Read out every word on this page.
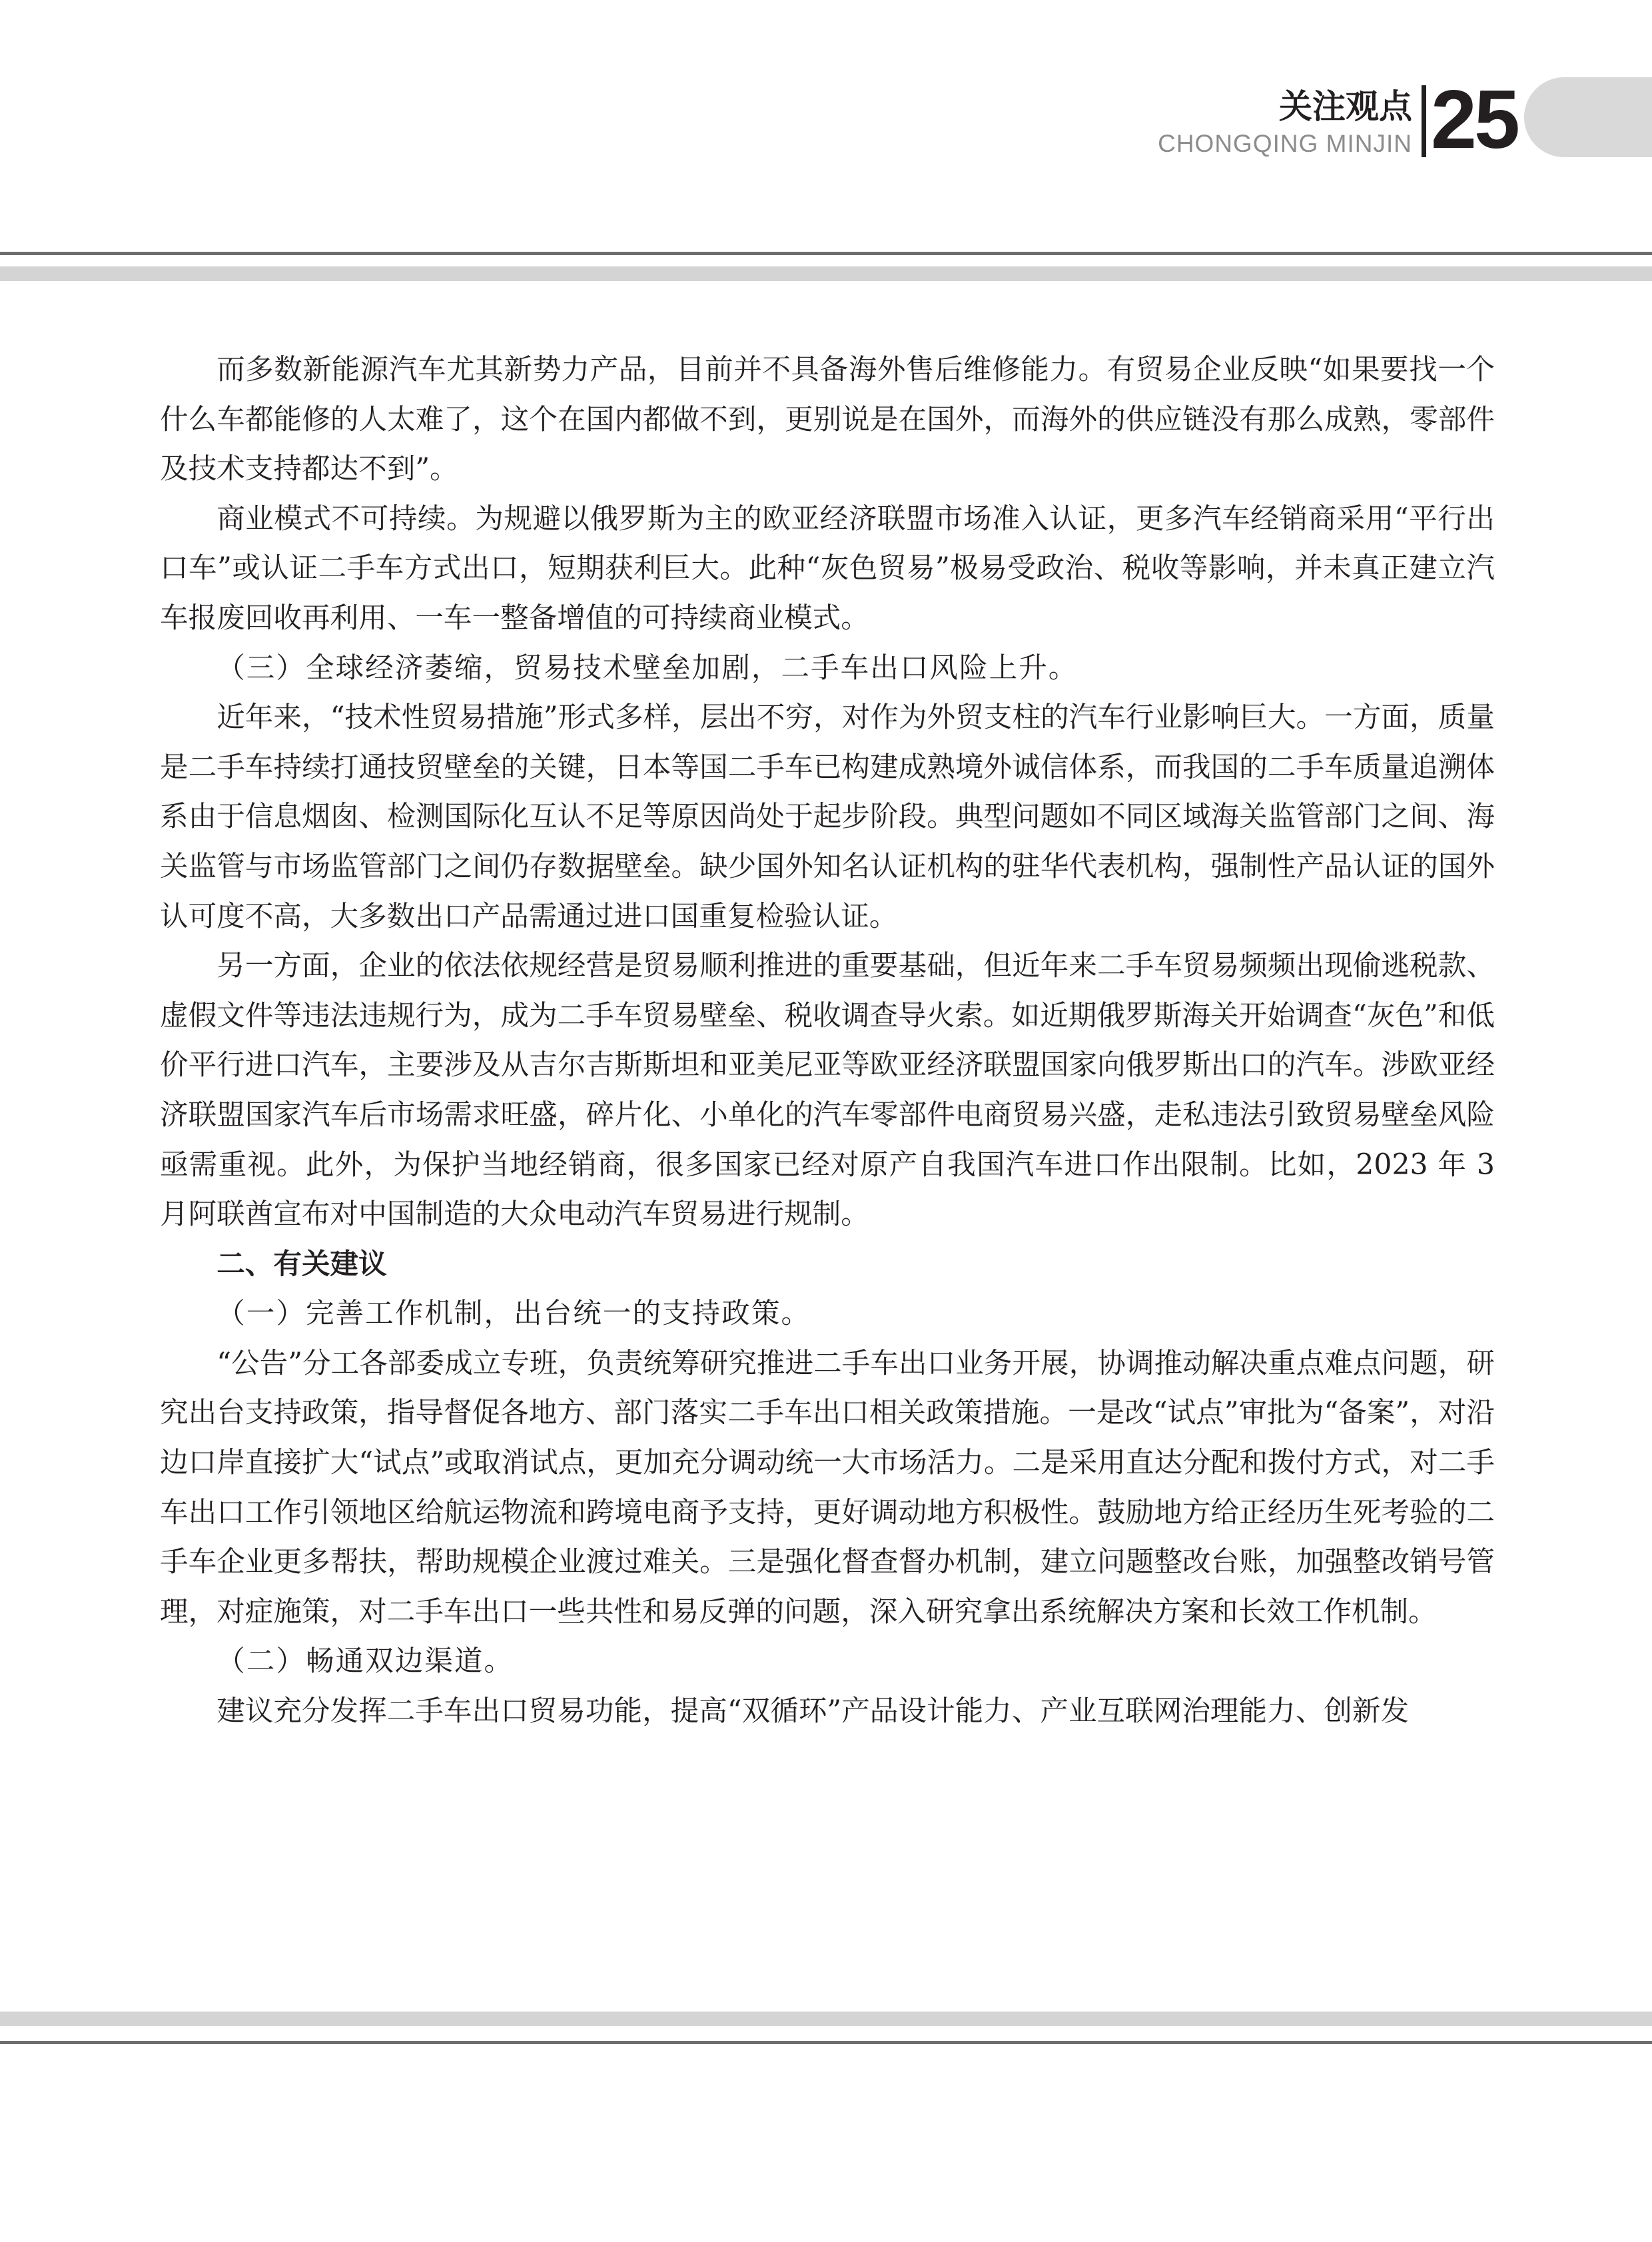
关注观点
CHONGQING MINJIN 25

而多数新能源汽车尤其新势力产品，目前并不具备海外售后维修能力。有贸易企业反映“如果要找一个什么车都能修的人太难了，这个在国内都做不到，更别说是在国外，而海外的供应链没有那么成熟，零部件及技术支持都达不到”。

商业模式不可持续。为规避以俄罗斯为主的欧亚经济联盟市场准入认证，更多汽车经销商采用“平行出口车”或认证二手车方式出口，短期获利巨大。此种“灰色贸易”极易受政治、税收等影响，并未真正建立汽车报废回收再利用、一车一整备增值的可持续商业模式。

（三）全球经济萎缩，贸易技术壁垒加剧，二手车出口风险上升。

近年来，“技术性贸易措施”形式多样，层出不穷，对作为外贸支柱的汽车行业影响巨大。一方面，质量是二手车持续打通技贸壁垒的关键，日本等国二手车已构建成熟境外诚信体系，而我国的二手车质量追溯体系由于信息烟囱、检测国际化互认不足等原因尚处于起步阶段。典型问题如不同区域海关监管部门之间、海关监管与市场监管部门之间仍存数据壁垒。缺少国外知名认证机构的驻华代表机构，强制性产品认证的国外认可度不高，大多数出口产品需通过进口国重复检验认证。

另一方面，企业的依法依规经营是贸易顺利推进的重要基础，但近年来二手车贸易频频出现偷逃税款、虚假文件等违法违规行为，成为二手车贸易壁垒、税收调查导火索。如近期俄罗斯海关开始调查“灰色”和低价平行进口汽车，主要涉及从吉尔吉斯斯坦和亚美尼亚等欧亚经济联盟国家向俄罗斯出口的汽车。涉欧亚经济联盟国家汽车后市场需求旺盛，碎片化、小单化的汽车零部件电商贸易兴盛，走私违法引致贸易壁垒风险亟需重视。此外，为保护当地经销商，很多国家已经对原产自我国汽车进口作出限制。比如，2023 年 3 月阿联酋宣布对中国制造的大众电动汽车贸易进行规制。

二、有关建议

（一）完善工作机制，出台统一的支持政策。

“公告”分工各部委成立专班，负责统筹研究推进二手车出口业务开展，协调推动解决重点难点问题，研究出台支持政策，指导督促各地方、部门落实二手车出口相关政策措施。一是改“试点”审批为“备案”，对沿边口岸直接扩大“试点”或取消试点，更加充分调动统一大市场活力。二是采用直达分配和拨付方式，对二手车出口工作引领地区给航运物流和跨境电商予支持，更好调动地方积极性。鼓励地方给正经历生死考验的二手车企业更多帮扶，帮助规模企业渡过难关。三是强化督查督办机制，建立问题整改台账，加强整改销号管理，对症施策，对二手车出口一些共性和易反弹的问题，深入研究拿出系统解决方案和长效工作机制。

（二）畅通双边渠道。

建议充分发挥二手车出口贸易功能，提高“双循环”产品设计能力、产业互联网治理能力、创新发
